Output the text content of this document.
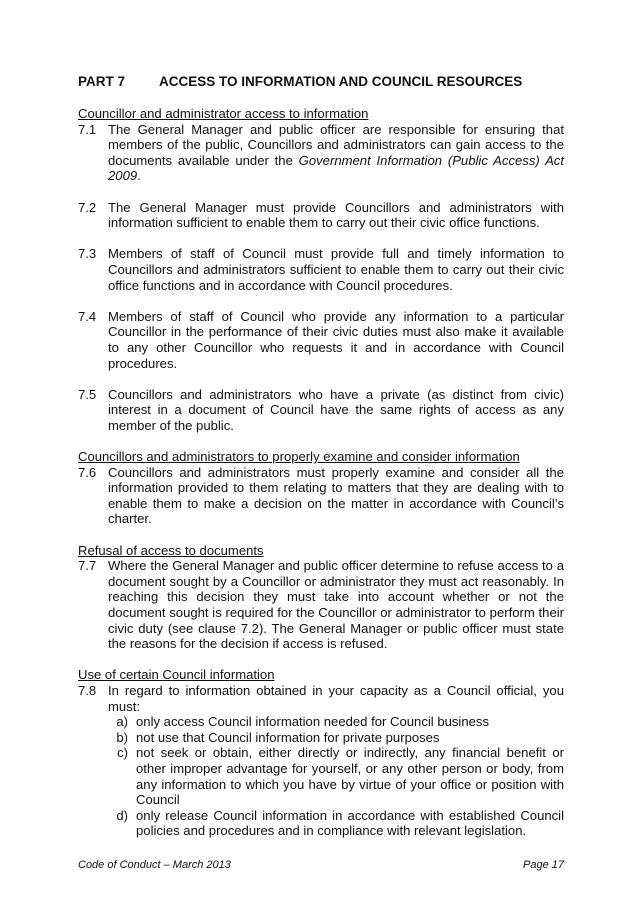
PART 7	ACCESS TO INFORMATION AND COUNCIL RESOURCES

Councillor and administrator access to information

7.1 The General Manager and public officer are responsible for ensuring that members of the public, Councillors and administrators can gain access to the documents available under the Government Information (Public Access) Act 2009.
7.2 The General Manager must provide Councillors and administrators with information sufficient to enable them to carry out their civic office functions.
7.3 Members of staff of Council must provide full and timely information to Councillors and administrators sufficient to enable them to carry out their civic office functions and in accordance with Council procedures.
7.4 Members of staff of Council who provide any information to a particular Councillor in the performance of their civic duties must also make it available to any other Councillor who requests it and in accordance with Council procedures.
7.5 Councillors and administrators who have a private (as distinct from civic) interest in a document of Council have the same rights of access as any member of the public.

Councillors and administrators to properly examine and consider information

7.6 Councillors and administrators must properly examine and consider all the information provided to them relating to matters that they are dealing with to enable them to make a decision on the matter in accordance with Council’s charter.

Refusal of access to documents

7.7 Where the General Manager and public officer determine to refuse access to a document sought by a Councillor or administrator they must act reasonably. In reaching this decision they must take into account whether or not the document sought is required for the Councillor or administrator to perform their civic duty (see clause 7.2). The General Manager or public officer must state the reasons for the decision if access is refused.

Use of certain Council information

7.8 In regard to information obtained in your capacity as a Council official, you must:
a) only access Council information needed for Council business
b) not use that Council information for private purposes
c) not seek or obtain, either directly or indirectly, any financial benefit or other improper advantage for yourself, or any other person or body, from any information to which you have by virtue of your office or position with Council
d) only release Council information in accordance with established Council policies and procedures and in compliance with relevant legislation.
Code of Conduct – March 2013	Page 17
